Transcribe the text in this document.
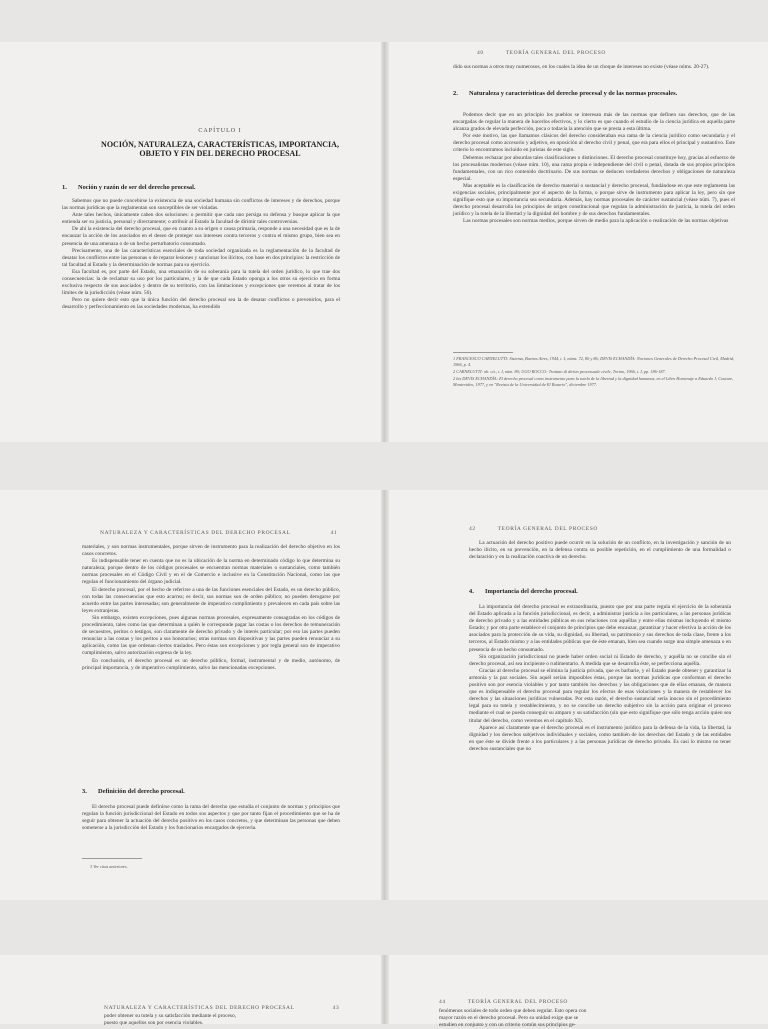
CAPÍTULO I
NOCIÓN, NATURALEZA, CARACTERÍSTICAS, IMPORTANCIA, OBJETO Y FIN DEL DERECHO PROCESAL
1. Noción y razón de ser del derecho procesal.

Sabemos que no puede concebirse la existencia de una sociedad humana sin conflictos de intereses y de derechos, porque las normas jurídicas que la reglamentan son susceptibles de ser violadas.

Ante tales hechos, únicamente caben dos soluciones: o permitir que cada uno persiga su defensa y busque aplicar la que entienda ser su justicia, personal y directamente; o atribuir al Estado la facultad de dirimir tales controversias.

De ahí la existencia del derecho procesal, que en cuanto a su origen o causa primaria, responde a una necesidad que es la de encauzar la acción de los asociados en el deseo de proteger sus intereses contra terceros y contra el mismo grupo, bien sea en presencia de una amenaza o de un hecho perturbatorio consumado.

Precisamente, una de las características esenciales de toda sociedad organizada es la reglamentación de la facultad de desatar los conflictos entre las personas o de reparar lesiones y sancionar los ilícitos, con base en dos principios: la restricción de tal facultad al Estado y la determinación de normas para su ejercicio.

Esa facultad es, por parte del Estado, una emanación de su soberanía para la tutela del orden jurídico, lo que trae dos consecuencias: la de reclamar su uso por los particulares, y la de que cada Estado oponga a los otros su ejercicio en forma exclusiva respecto de sus asociados y dentro de su territorio, con las limitaciones y excepciones que veremos al tratar de los límites de la jurisdicción (véase núm. 56).

Pero no quiere decir esto que la única función del derecho procesal sea la de desatar conflictos o prevenirlos, para el desarrollo y perfeccionamiento en las sociedades modernas, ha extendido

40	TEORÍA GENERAL DEL PROCESO

dido sus normas a otros muy numerosos, en los cuales la idea de un choque de intereses no existe (véase núms. 20-27).

2. Naturaleza y características del derecho procesal y de las normas procesales.

Podemos decir que en un principio los pueblos se interesan más de las normas que definen sus derechos, que de las encargadas de regular la manera de hacerlos efectivos, y lo cierto es que cuando el estudio de la ciencia jurídica en aquella parte alcanza grados de elevada perfección, poca o todavía la atención que se presta a esta última.

Por este motivo, las que llamamos clásicos del derecho consideraban esa rama de la ciencia jurídico como secundaria y el derecho procesal como accesorio y adjetivo, en oposición al derecho civil y penal, que era para ellos el principal y sustantivo. Este criterio lo encontramos incluido en juristas de este siglo.

Debemos rechazar por absurdas tales clasificaciones o distinciones. El derecho procesal constituye hoy, gracias al esfuerzo de los procesalistas modernos (véase núm. 10), una rama propia e independiente del civil o penal, dotada de sus propios principios fundamentales, con un rico contenido doctrinario. De sus normas se deducen verdaderos derechos y obligaciones de naturaleza especial.

Mas aceptable es la clasificación de derecho material o sustancial y derecho procesal, fundándose en que este reglamenta las exigencias sociales, principalmente por el aspecto de la forma, o porque sirve de instrumento para aplicar la ley, pero sin que signifique esto que su importancia sea secundaria. Además, hay normas procesales de carácter sustancial (véase núm. 7), pues el derecho procesal desarrolla los principios de origen constitucional que regulan la administración de justicia, la tutela del orden jurídico y la tutela de la libertad y la dignidad del hombre y de sus derechos fundamentales.

Las normas procesales son normas medios, porque sirven de medio para la aplicación o realización de las normas objetivas

1 FRANCESCO CARNELUTTI: Sistema, Buenos Aires, 1944, t. I, núms. 72, 80 y 86; DEVIS ECHANDÍA: Nociones Generales de Derecho Procesal Civil, Madrid, 1966, p. 4.
2 CARNELUTTI: ob. cit., t. I, núm. 80; UGO ROCCO: Trattato di diritto processuale civile, Torino, 1966, t. I, pp. 186-187.
2 bis DEVIS ECHANDÍA: El derecho procesal como instrumento para la tutela de la libertad y la dignidad humanas, en el Libro Homenaje a Eduardo J. Couture, Montevideo, 1977, y en "Revista de la Universidad de El Rosario", diciembre 1977.
NATURALEZA Y CARACTERÍSTICAS DEL DERECHO PROCESAL	41

materiales, y son normas instrumentales, porque sirven de instrumento para la realización del derecho objetivo en los casos concretos.

Es indispensable tener en cuenta que no es la ubicación de la norma en determinado código lo que determina su naturaleza; porque dentro de los códigos procesales se encuentran normas materiales o sustanciales, como también normas procesales en el Código Civil y en el de Comercio e inclusive en la Constitución Nacional, como las que regulan el funcionamiento del órgano judicial.

El derecho procesal, por el hecho de referirse a una de las funciones esenciales del Estado, es un derecho público, con todas las consecuencias que esto acarrea; es decir, sus normas son de orden público; no pueden derogarse por acuerdo entre las partes interesadas; son generalmente de imperativo cumplimiento y prevalecen en cada país sobre las leyes extranjeras.

Sin embargo, existen excepciones, pues algunas normas procesales, expresamente consagradas en los códigos de procedimiento, tales como las que determinan a quién le corresponde pagar las costas o los derechos de remuneración de secuestres, peritos o testigos, son claramente de derecho privado y de interés particular; por eso las partes pueden renunciar a las costas y los peritos a sus honorarios; otras normas son dispositivas y las partes pueden renunciar a su aplicación, como las que ordenan ciertos traslados. Pero éstas son excepciones y por regla general son de imperativo cumplimiento, salvo autorización expresa de la ley.

En conclusión, el derecho procesal es un derecho público, formal, instrumental y de medio, autónomo, de principal importancia, y de imperativo cumplimiento, salvo las mencionadas excepciones.

3. Definición del derecho procesal.

El derecho procesal puede definirse como la rama del derecho que estudia el conjunto de normas y principios que regulan la función jurisdiccional del Estado en todos sus aspectos y que por tanto fijan el procedimiento que se ha de seguir para obtener la actuación del derecho positivo en los casos concretos, y que determinan las personas que deben someterse a la jurisdicción del Estado y los funcionarios encargados de ejercerla.

3 Ver citas anteriores.
42	TEORÍA GENERAL DEL PROCESO

La actuación del derecho positivo puede ocurrir en la solución de un conflicto, en la investigación y sanción de un hecho ilícito, en su prevención, en la defensa contra su posible repetición, en el cumplimiento de una formalidad o declaración y en la realización coactiva de un derecho.

4. Importancia del derecho procesal.

La importancia del derecho procesal es extraordinaria, puesto que por una parte regula el ejercicio de la soberanía del Estado aplicada a la función jurisdiccional, es decir, a administrar justicia a los particulares, a las personas jurídicas de derecho privado y a las entidades públicas en sus relaciones con aquéllas y entre ellas mismas incluyendo el mismo Estado; y por otra parte establece el conjunto de principios que debe encauzar, garantizar y hacer efectiva la acción de los asociados para la protección de su vida, su dignidad, su libertad, su patrimonio y sus derechos de toda clase, frente a los terceros, al Estado mismo y a las entidades públicas que de éste emanan, bien sea cuando surge una simple amenaza o en presencia de un hecho consumado.

Sin organización jurisdiccional no puede haber orden social ni Estado de derecho, y aquélla no se concibe sin el derecho procesal, así sea incipiente o rudimentario. A medida que se desarrolla éste, se perfecciona aquélla.

Gracias al derecho procesal se elimina la justicia privada, que es barbarie, y el Estado puede obtener y garantizar la armonía y la paz sociales. Sin aquél serían imposibles éstas, porque las normas jurídicas que conforman el derecho positivo son por esencia violables y por tanto también los derechos y las obligaciones que de ellas emanan, de manera que es indispensable el derecho procesal para regular los efectos de esas violaciones y la manera de restablecer los derechos y las situaciones jurídicas vulneradas. Por esta razón, el derecho sustancial sería inocuo sin el procedimiento legal para su tutela y restablecimiento, y no se concibe un derecho subjetivo sin la acción para originar el proceso mediante el cual se pueda conseguir su amparo y su satisfacción (sin que esto signifique que sólo tenga acción quien sea titular del derecho, como veremos en el capítulo XI).

Aparece así claramente que el derecho procesal es el instrumento jurídico para la defensa de la vida, la libertad, la dignidad y los derechos subjetivos individuales y sociales, como también de los derechos del Estado y de las entidades en que éste se divide frente a los particulares y a las personas jurídicas de derecho privado. Es casi lo mismo no tener derechos sustanciales que no

NATURALEZA Y CARACTERÍSTICAS DEL DERECHO PROCESAL	43
poder obtener su tutela y su satisfacción mediante el proceso,
puesto que aquellos son por esencia violables.
44	TEORÍA GENERAL DEL PROCESO
fenómenos sociales de todo orden que deben regular. Esto opera con
mayor razón en el derecho procesal. Pero su unidad exige que se
estudien en conjunto y con un criterio común sus principios ge-
